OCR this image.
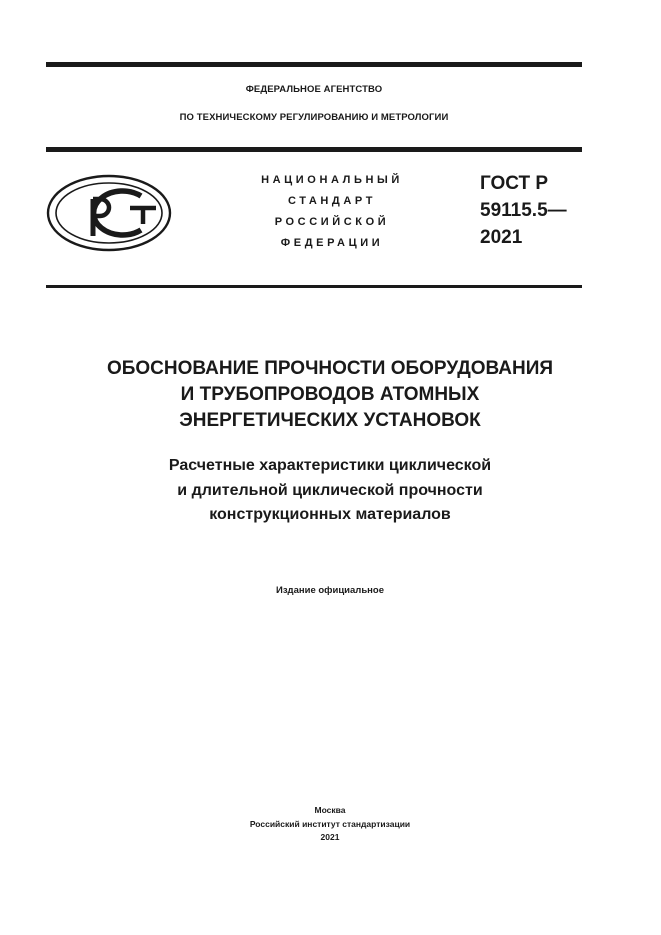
ФЕДЕРАЛЬНОЕ АГЕНТСТВО
ПО ТЕХНИЧЕСКОМУ РЕГУЛИРОВАНИЮ И МЕТРОЛОГИИ
НАЦИОНАЛЬНЫЙ
СТАНДАРТ
РОССИЙСКОЙ
ФЕДЕРАЦИИ
ГОСТ Р
59115.5—
2021
ОБОСНОВАНИЕ ПРОЧНОСТИ ОБОРУДОВАНИЯ
И ТРУБОПРОВОДОВ АТОМНЫХ
ЭНЕРГЕТИЧЕСКИХ УСТАНОВОК
Расчетные характеристики циклической
и длительной циклической прочности
конструкционных материалов
Издание официальное
Москва
Российский институт стандартизации
2021
